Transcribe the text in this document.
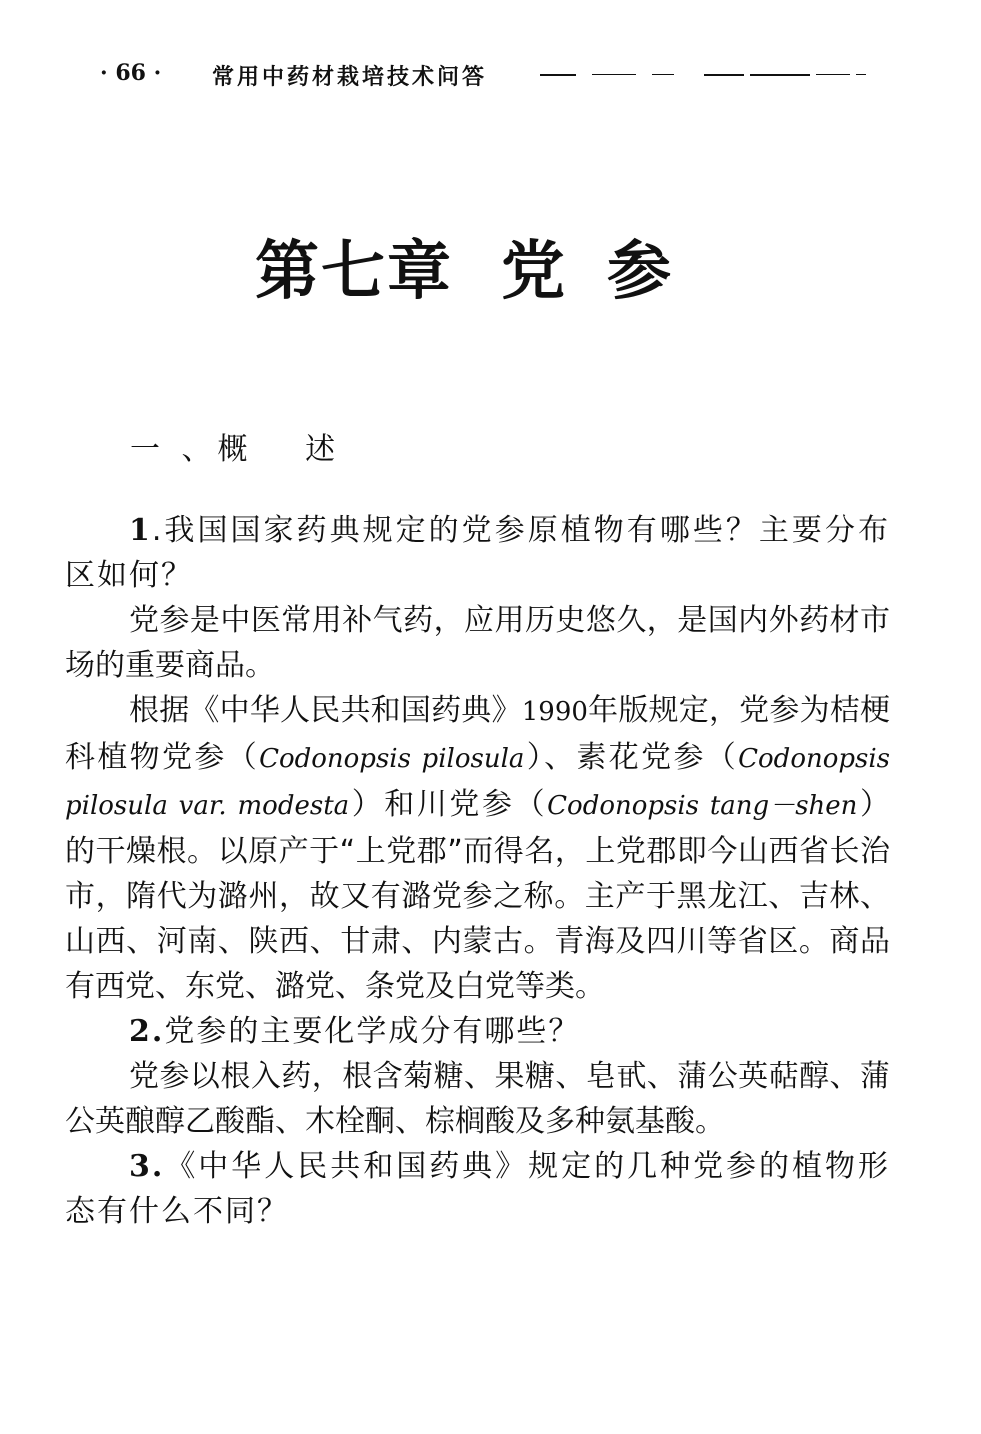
· 66 · 常用中药材栽培技术问答
第七章 党 参
一 、概　 述

1.我国国家药典规定的党参原植物有哪些？主要分布区如何？

党参是中医常用补气药，应用历史悠久，是国内外药材市场的重要商品。

根据《中华人民共和国药典》1990年版规定，党参为桔梗科植物党参（Codonopsis pilosula）、素花党参（Codonopsis pilosula var. modesta）和川党参（Codonopsis tang－shen）的干燥根。以原产于“上党郡”而得名，上党郡即今山西省长治市，隋代为潞州，故又有潞党参之称。主产于黑龙江、吉林、山西、河南、陕西、甘肃、内蒙古。青海及四川等省区。商品有西党、东党、潞党、条党及白党等类。

2.党参的主要化学成分有哪些？

党参以根入药，根含菊糖、果糖、皂甙、蒲公英萜醇、蒲公英酿醇乙酸酯、木栓酮、棕榈酸及多种氨基酸。

3.《中华人民共和国药典》规定的几种党参的植物形态有什么不同？
